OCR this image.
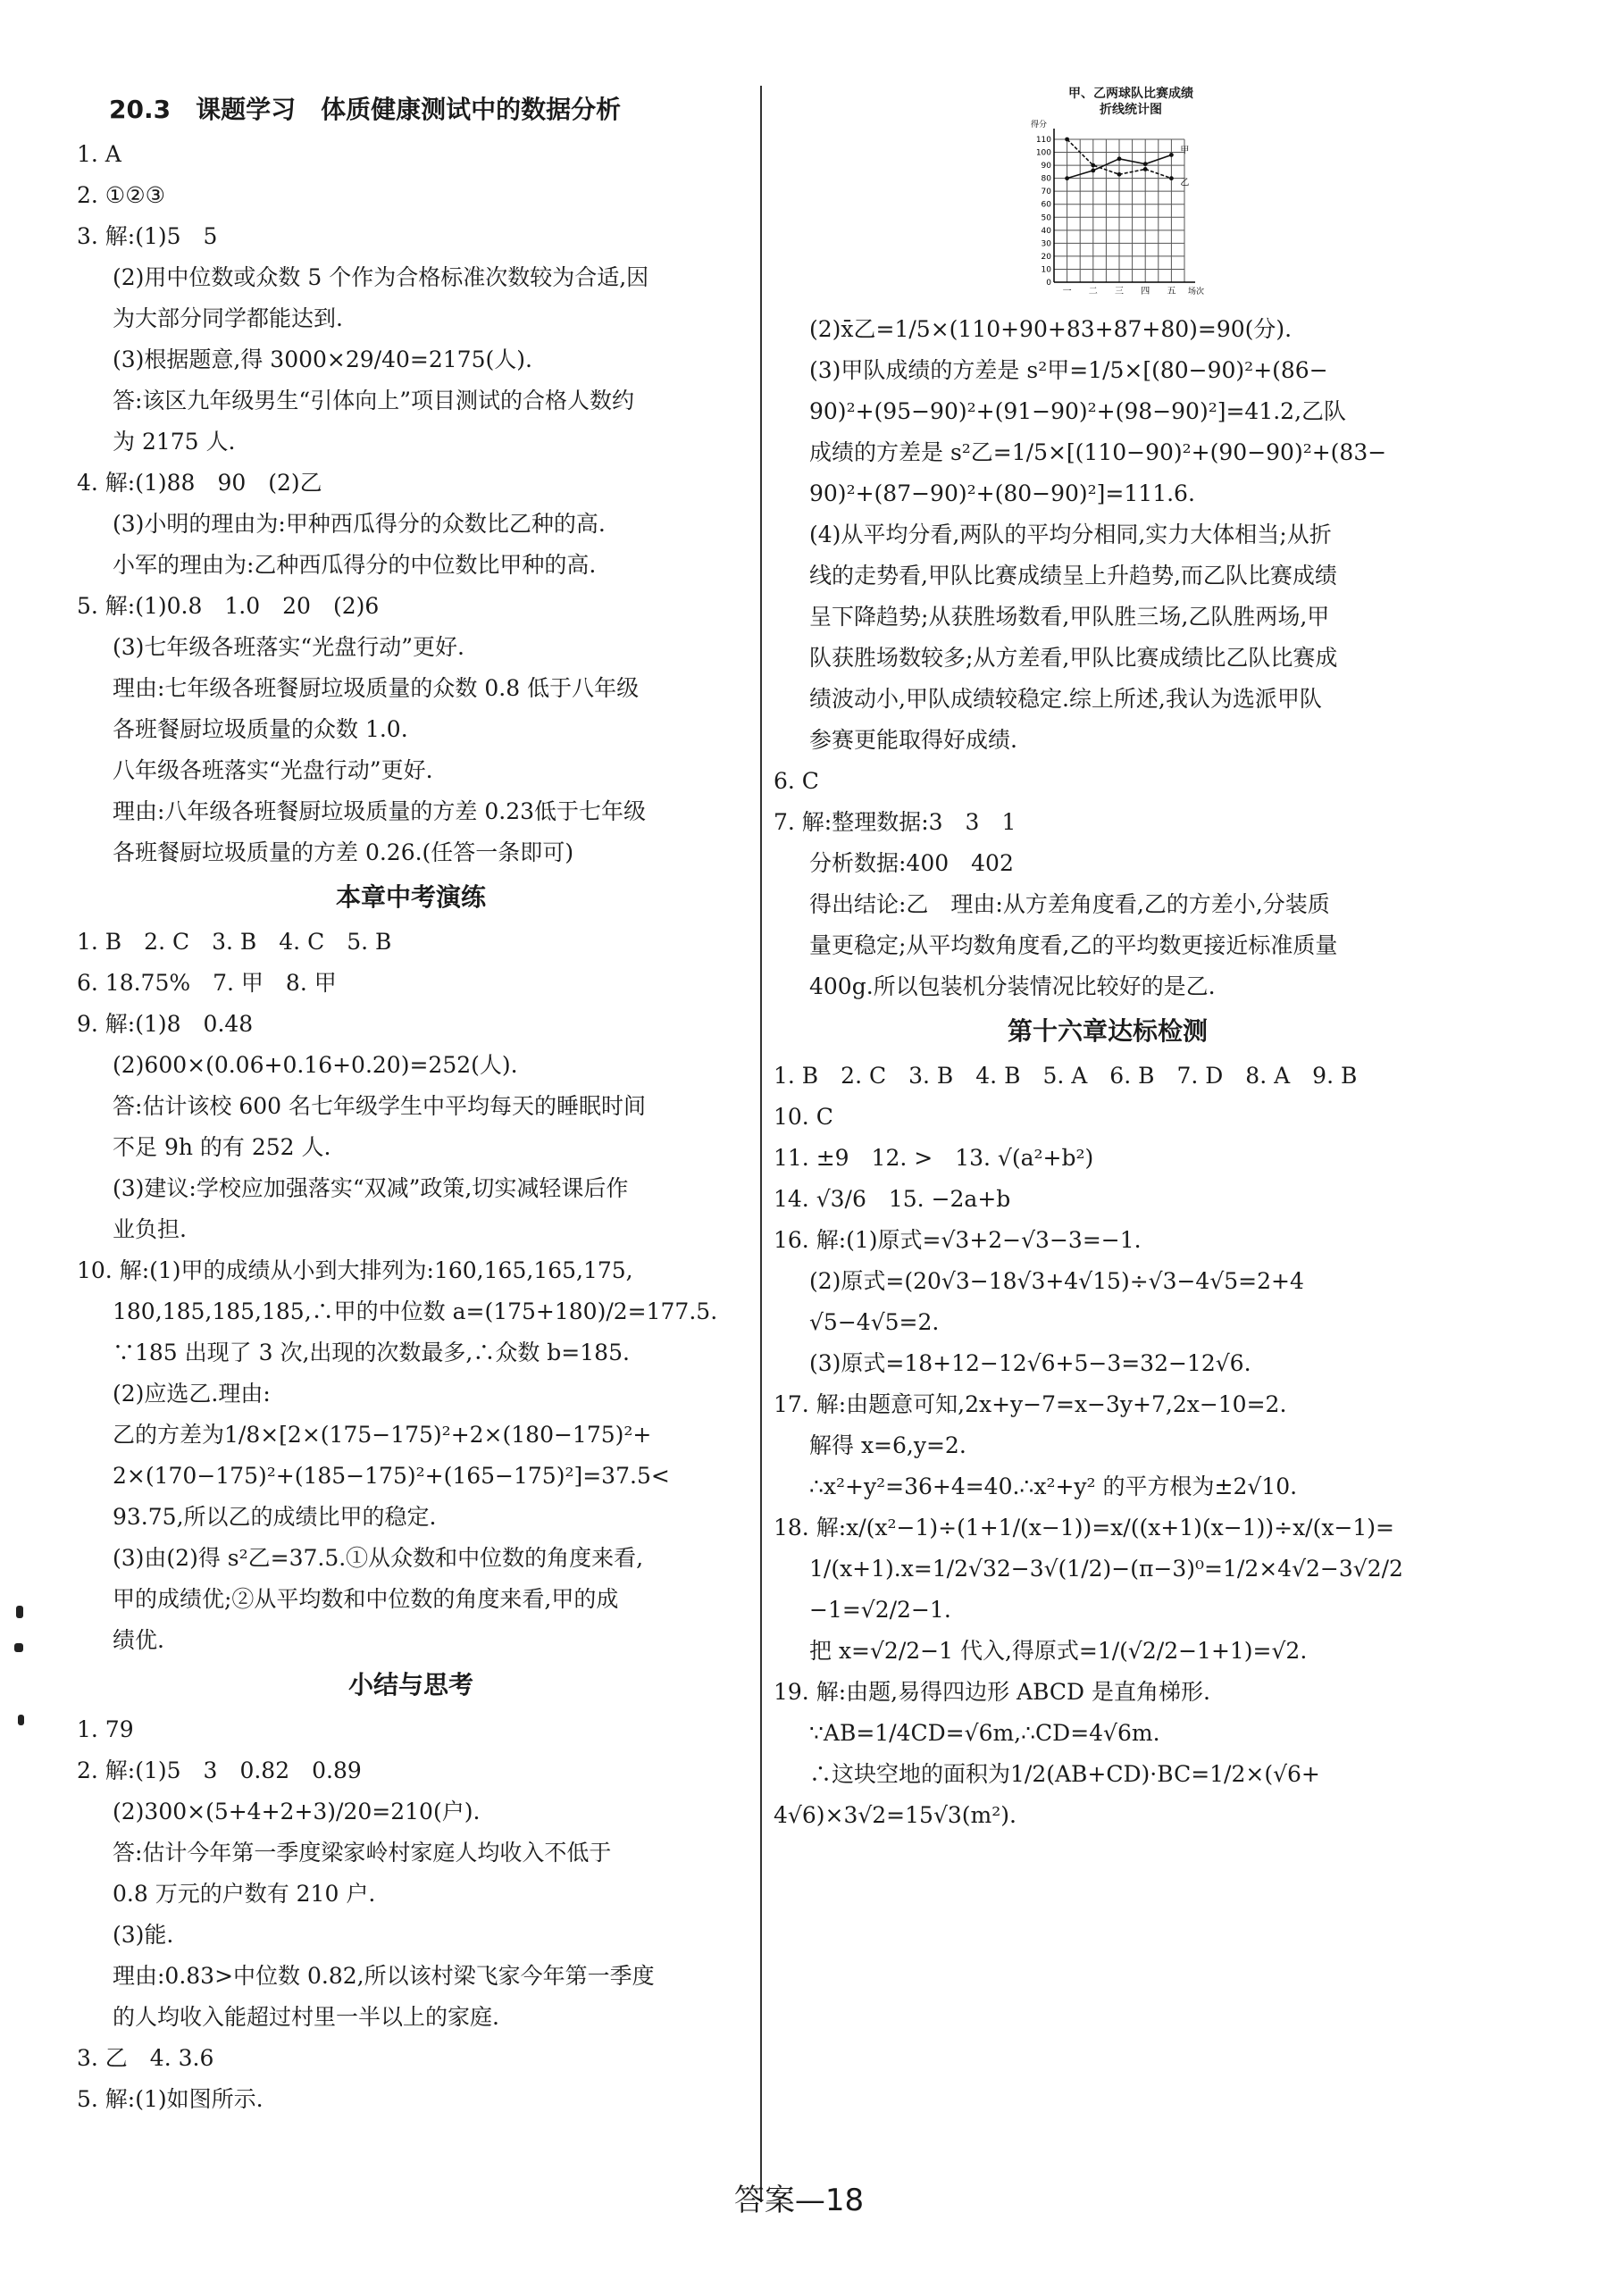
20.3　课题学习　体质健康测试中的数据分析
1. A
2. ①②③
3. 解:(1)5　5
(2)用中位数或众数 5 个作为合格标准次数较为合适,因
为大部分同学都能达到.
(3)根据题意,得 3000×29/40=2175(人).
答:该区九年级男生“引体向上”项目测试的合格人数约
为 2175 人.
4. 解:(1)88　90　(2)乙
(3)小明的理由为:甲种西瓜得分的众数比乙种的高.
小军的理由为:乙种西瓜得分的中位数比甲种的高.
5. 解:(1)0.8　1.0　20　(2)6
(3)七年级各班落实“光盘行动”更好.
理由:七年级各班餐厨垃圾质量的众数 0.8 低于八年级
各班餐厨垃圾质量的众数 1.0.
八年级各班落实“光盘行动”更好.
理由:八年级各班餐厨垃圾质量的方差 0.23低于七年级
各班餐厨垃圾质量的方差 0.26.(任答一条即可)
本章中考演练
1. B　2. C　3. B　4. C　5. B
6. 18.75%　7. 甲　8. 甲
9. 解:(1)8　0.48
(2)600×(0.06+0.16+0.20)=252(人).
答:估计该校 600 名七年级学生中平均每天的睡眠时间
不足 9h 的有 252 人.
(3)建议:学校应加强落实“双减”政策,切实减轻课后作
业负担.
10. 解:(1)甲的成绩从小到大排列为:160,165,165,175,
180,185,185,185,∴甲的中位数 a=(175+180)/2=177.5.
∵185 出现了 3 次,出现的次数最多,∴众数 b=185.
(2)应选乙.理由:
乙的方差为1/8×[2×(175−175)²+2×(180−175)²+
2×(170−175)²+(185−175)²+(165−175)²]=37.5<
93.75,所以乙的成绩比甲的稳定.
(3)由(2)得 s²乙=37.5.①从众数和中位数的角度来看,
甲的成绩优;②从平均数和中位数的角度来看,甲的成
绩优.
小结与思考
1. 79
2. 解:(1)5　3　0.82　0.89
(2)300×(5+4+2+3)/20=210(户).
答:估计今年第一季度梁家岭村家庭人均收入不低于
0.8 万元的户数有 210 户.
(3)能.
理由:0.83>中位数 0.82,所以该村梁飞家今年第一季度
的人均收入能超过村里一半以上的家庭.
3. 乙　4. 3.6
5. 解:(1)如图所示.
甲、乙两球队比赛成绩
折线统计图
110
100
90
80
70
60
50
40
30
20
10
0
一 二 三 四 五
得分
场次
甲
乙
(2)x̄乙=1/5×(110+90+83+87+80)=90(分).
(3)甲队成绩的方差是 s²甲=1/5×[(80−90)²+(86−
90)²+(95−90)²+(91−90)²+(98−90)²]=41.2,乙队
成绩的方差是 s²乙=1/5×[(110−90)²+(90−90)²+(83−
90)²+(87−90)²+(80−90)²]=111.6.
(4)从平均分看,两队的平均分相同,实力大体相当;从折
线的走势看,甲队比赛成绩呈上升趋势,而乙队比赛成绩
呈下降趋势;从获胜场数看,甲队胜三场,乙队胜两场,甲
队获胜场数较多;从方差看,甲队比赛成绩比乙队比赛成
绩波动小,甲队成绩较稳定.综上所述,我认为选派甲队
参赛更能取得好成绩.
6. C
7. 解:整理数据:3　3　1
分析数据:400　402
得出结论:乙　理由:从方差角度看,乙的方差小,分装质
量更稳定;从平均数角度看,乙的平均数更接近标准质量
400g.所以包装机分装情况比较好的是乙.
第十六章达标检测
1. B　2. C　3. B　4. B　5. A　6. B　7. D　8. A　9. B
10. C
11. ±9　12. >　13. √(a²+b²)
14. √3/6　15. −2a+b
16. 解:(1)原式=√3+2−√3−3=−1.
(2)原式=(20√3−18√3+4√15)÷√3−4√5=2+4
√5−4√5=2.
(3)原式=18+12−12√6+5−3=32−12√6.
17. 解:由题意可知,2x+y−7=x−3y+7,2x−10=2.
解得 x=6,y=2.
∴x²+y²=36+4=40.∴x²+y² 的平方根为±2√10.
18. 解:x/(x²−1)÷(1+1/(x−1))=x/((x+1)(x−1))÷x/(x−1)=
1/(x+1).x=1/2√32−3√(1/2)−(π−3)⁰=1/2×4√2−3√2/2
−1=√2/2−1.
把 x=√2/2−1 代入,得原式=1/(√2/2−1+1)=√2.
19. 解:由题,易得四边形 ABCD 是直角梯形.
∵AB=1/4CD=√6m,∴CD=4√6m.
∴这块空地的面积为1/2(AB+CD)·BC=1/2×(√6+
4√6)×3√2=15√3(m²).
答案—18
